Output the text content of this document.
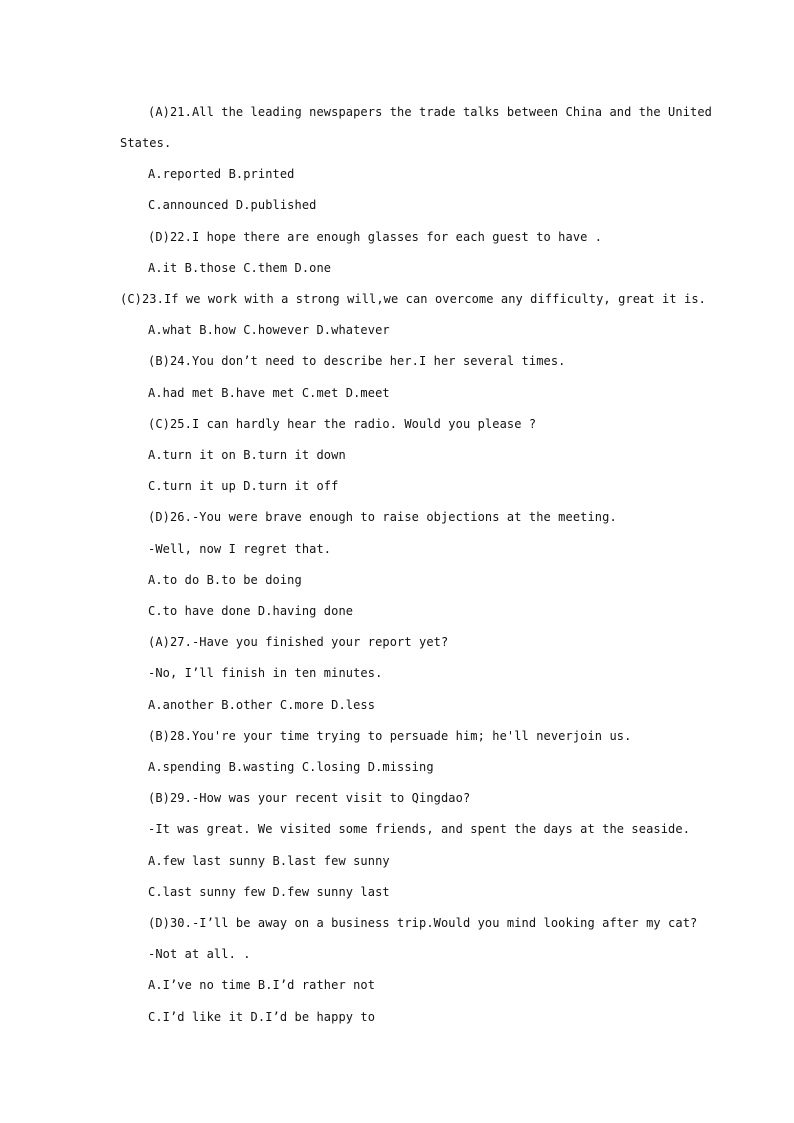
(A)21.All the leading newspapers the trade talks between China and the United
States.
A.reported B.printed
C.announced D.published
(D)22.I hope there are enough glasses for each guest to have .
A.it B.those C.them D.one
(C)23.If we work with a strong will,we can overcome any difficulty, great it is.
A.what B.how C.however D.whatever
(B)24.You don’t need to describe her.I her several times.
A.had met B.have met C.met D.meet
(C)25.I can hardly hear the radio. Would you please ?
A.turn it on B.turn it down
C.turn it up D.turn it off
(D)26.-You were brave enough to raise objections at the meeting.
-Well, now I regret that.
A.to do B.to be doing
C.to have done D.having done
(A)27.-Have you finished your report yet?
-No, I’ll finish in ten minutes.
A.another B.other C.more D.less
(B)28.You're your time trying to persuade him; he'll neverjoin us.
A.spending B.wasting C.losing D.missing
(B)29.-How was your recent visit to Qingdao?
-It was great. We visited some friends, and spent the days at the seaside.
A.few last sunny B.last few sunny
C.last sunny few D.few sunny last
(D)30.-I’ll be away on a business trip.Would you mind looking after my cat?
-Not at all. .
A.I’ve no time B.I’d rather not
C.I’d like it D.I’d be happy to
